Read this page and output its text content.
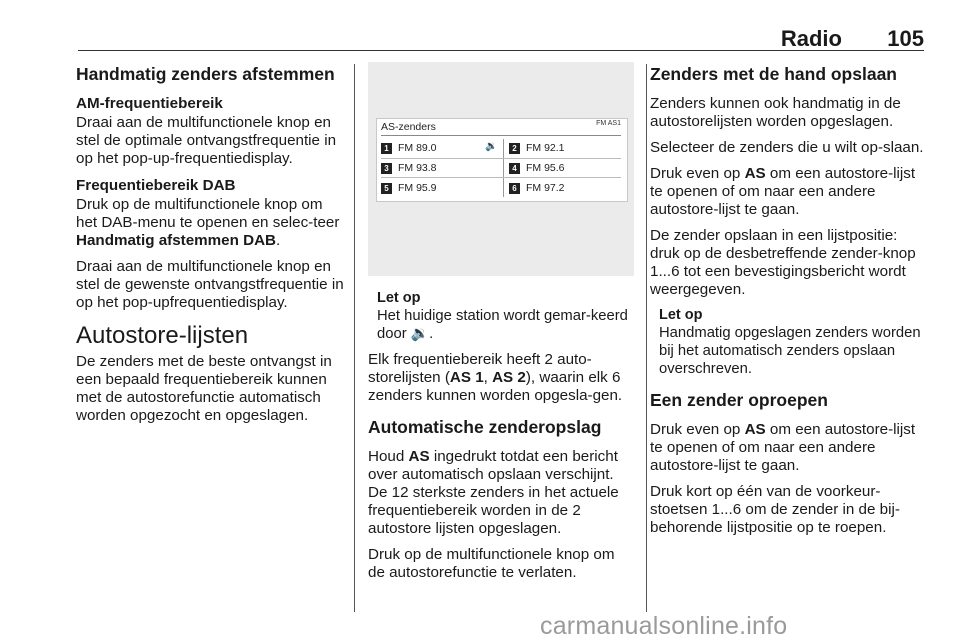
Radio 105
Handmatig zenders afstemmen
AM-frequentiebereik

Draai aan de multifunctionele knop en stel de optimale ontvangstfrequentie in op het pop-up-frequentiedisplay.

Frequentiebereik DAB

Druk op de multifunctionele knop om het DAB-menu te openen en selec-teer Handmatig afstemmen DAB.

Draai aan de multifunctionele knop en stel de gewenste ontvangstfrequentie in op het pop-upfrequentiedisplay.

Autostore-lijsten

De zenders met de beste ontvangst in een bepaald frequentiebereik kunnen met de autostorefunctie automatisch worden opgezocht en opgeslagen.

AS-zenders	FM AS1
🔉
1 FM 89.0	2 FM 92.1
3 FM 93.8	4 FM 95.6
5 FM 95.9	6 FM 97.2
Let op

Het huidige station wordt gemar-keerd door 🔉.

Elk frequentiebereik heeft 2 auto-storelijsten (AS 1, AS 2), waarin elk 6 zenders kunnen worden opgesla-gen.

Automatische zenderopslag

Houd AS ingedrukt totdat een bericht over automatisch opslaan verschijnt. De 12 sterkste zenders in het actuele frequentiebereik worden in de 2 autostore lijsten opgeslagen.

Druk op de multifunctionele knop om de autostorefunctie te verlaten.

Zenders met de hand opslaan

Zenders kunnen ook handmatig in de autostorelijsten worden opgeslagen.

Selecteer de zenders die u wilt op-slaan.

Druk even op AS om een autostore-lijst te openen of om naar een andere autostore-lijst te gaan.

De zender opslaan in een lijstpositie: druk op de desbetreffende zender-knop 1...6 tot een bevestigingsbericht wordt weergegeven.

Let op

Handmatig opgeslagen zenders worden bij het automatisch zenders opslaan overschreven.

Een zender oproepen

Druk even op AS om een autostore-lijst te openen of om naar een andere autostore-lijst te gaan.

Druk kort op één van de voorkeur-stoetsen 1...6 om de zender in de bij-behorende lijstpositie op te roepen.

carmanualsonline.info
